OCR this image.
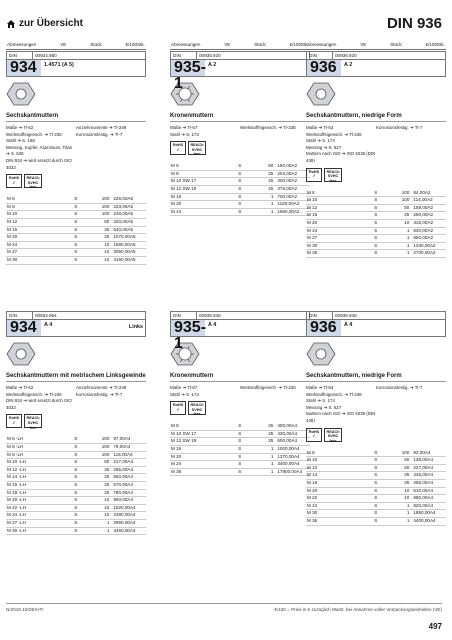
zur Übersicht	DIN 936
Abmessungen	VE	Stück	€/100Stk.
DIN	00934.950
934	1.4571 (A 5)
Sechskantmuttern
Maße ➔ Tl-62
Werkstoffeigensch. ➔ Tl-236
Stahl ➔ S. 168
Messing, Kupfer, Aluminium, Titan ➔ S. 626
DIN 934 ➔ wird ersetzt durch ISO 4032
Anziehmomente ➔ Tl-249
Korrosionsfestig. ➔ Tl-7
RoHS
✓
REACh SVHC free
M 6	S	100	226,00A5
M 8	S	100	223,00A5
M 10	S	100	248,00A5
M 12	S	50	320,00A5
M 16	S	25	540,00A5
M 20	S	25	1070,00A5
M 24	S	10	1880,00A5
M 27	S	10	3050,00A5
M 30	S	10	4150,00A5
Abmessungen	VE	Stück	€/100Stk.
DIN	00935.920
935-1
A 2
Kronenmuttern
Maße ➔ Tl-67
Stahl ➔ S. 173
Werkstoffeigensch. ➔ Tl-236
RoHS
✓
REACh SVHC free
M 6	S	50	150,00A2
M 8	S	25	203,00A2
M 10 SW 17	S	25	300,00A2
M 12 SW 19	S	25	375,00A2
M 16	S	1	700,00A2
M 20	S	1	1180,00A2
M 24	S	1	1650,00A2
Abmessungen	VE	Stück	€/100Stk.
DIN	00936.920
936	A 2
Sechskantmuttern, niedrige Form
Maße ➔ Tl-63
Werkstoffeigensch. ➔ Tl-236
Stahl ➔ S. 174
Messing ➔ S. 627
Muttern nach ISO ➔ ISO 4035 (DIN 439)
Korrosionsfestig. ➔ Tl-7
RoHS
✓
REACh SVHC free
M 8	S	100	84,00A2
M 10	S	100	114,00A2
M 12	S	50	159,00A2
M 16	S	25	260,00A2
M 20	S	10	415,00A2
M 24	S	1	840,00A2
M 27	S	1	950,00A2
M 30	S	1	1330,00A2
M 36	S	1	2700,00A2
DIN	00934.964
934	A 4	Links
Sechskantmuttern mit metrischem Linksgewinde
Maße ➔ Tl-62
Werkstoffeigensch. ➔ Tl-236
DIN 934 ➔ wird ersetzt durch ISO 4032
Anziehmomente ➔ Tl-249
Korrosionsfestig. ➔ Tl-7
RoHS
✓
REACh SVHC free
M 5 -LH	S	100	97,00A4
M 6 -LH	S	100	79,00A4
M 8 -LH	S	100	116,00A4
M 10 -LH	S	50	217,00A4
M 12 -LH	S	25	295,00A4
M 14 -LH	S	25	550,00A4
M 16 -LH	S	25	570,00A4
M 18 -LH	S	25	780,00A4
M 20 -LH	S	10	950,00A4
M 22 -LH	S	10	1520,00A4
M 24 -LH	S	10	2380,00A4
M 27 -LH	S	1	2950,00A4
M 30 -LH	S	1	3450,00A4
DIN	00935.940
935-1
A 4
Kronenmuttern
Maße ➔ Tl-67
Stahl ➔ S. 173
Werkstoffeigensch. ➔ Tl-236
RoHS
✓
REACh SVHC free
M 8	S	25	400,00A4
M 10 SW 17	S	25	430,00A4
M 12 SW 19	S	25	600,00A4
M 16	S	1	1000,00A4
M 20	S	1	1370,00A4
M 24	S	1	3400,00A4
M 36	S	1	17900,00A4
DIN	00936.940
936	A 4
Sechskantmuttern, niedrige Form
Maße ➔ Tl-63
Werkstoffeigensch. ➔ Tl-236
Stahl ➔ S. 174
Messing ➔ S. 627
Muttern nach ISO ➔ ISO 4035 (DIN 439)
Korrosionsfestig. ➔ Tl-7
RoHS
✓
REACh SVHC free
M 8	S	100	93,00A4
M 10	S	50	138,00A4
M 12	S	50	227,00A4
M 14	S	25	446,00A4
M 16	S	25	365,00A4
M 20	S	10	610,00A4
M 22	S	10	880,00A4
M 24	S	1	920,00A4
M 30	S	1	1850,00A4
M 36	S	1	4400,00A4
N/2019.10/DE/HTI	€/100 = Preis in € zuzüglich MwSt. bei Abnahme voller Verpackungseinheiten (VE)
497
